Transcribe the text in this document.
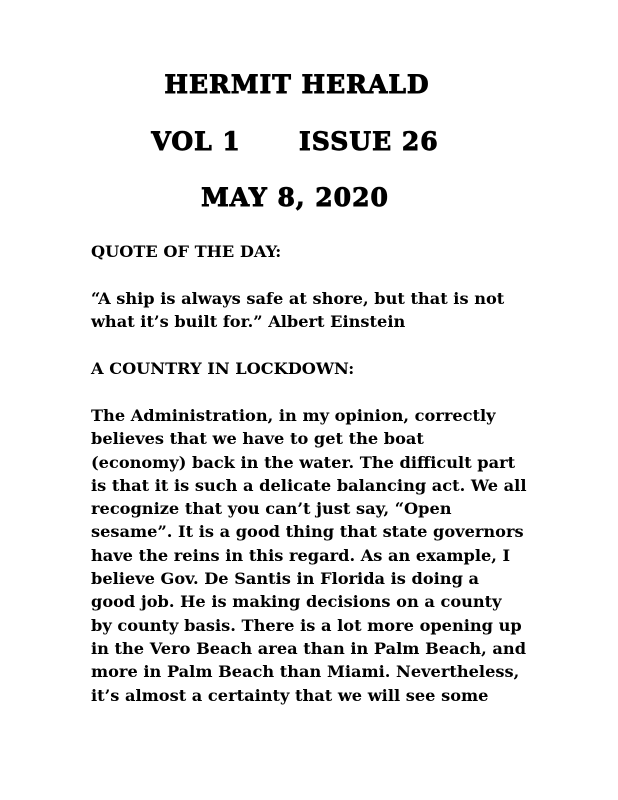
HERMIT HERALD
VOL 1      ISSUE 26
MAY 8, 2020
QUOTE OF THE DAY:
“A ship is always safe at shore, but that is not
what it’s built for.” Albert Einstein
A COUNTRY IN LOCKDOWN:
The Administration, in my opinion, correctly
believes that we have to get the boat
(economy) back in the water. The difficult part
is that it is such a delicate balancing act. We all
recognize that you can’t just say, “Open
sesame”. It is a good thing that state governors
have the reins in this regard. As an example, I
believe Gov. De Santis in Florida is doing a
good job. He is making decisions on a county
by county basis. There is a lot more opening up
in the Vero Beach area than in Palm Beach, and
more in Palm Beach than Miami. Nevertheless,
it’s almost a certainty that we will see some
